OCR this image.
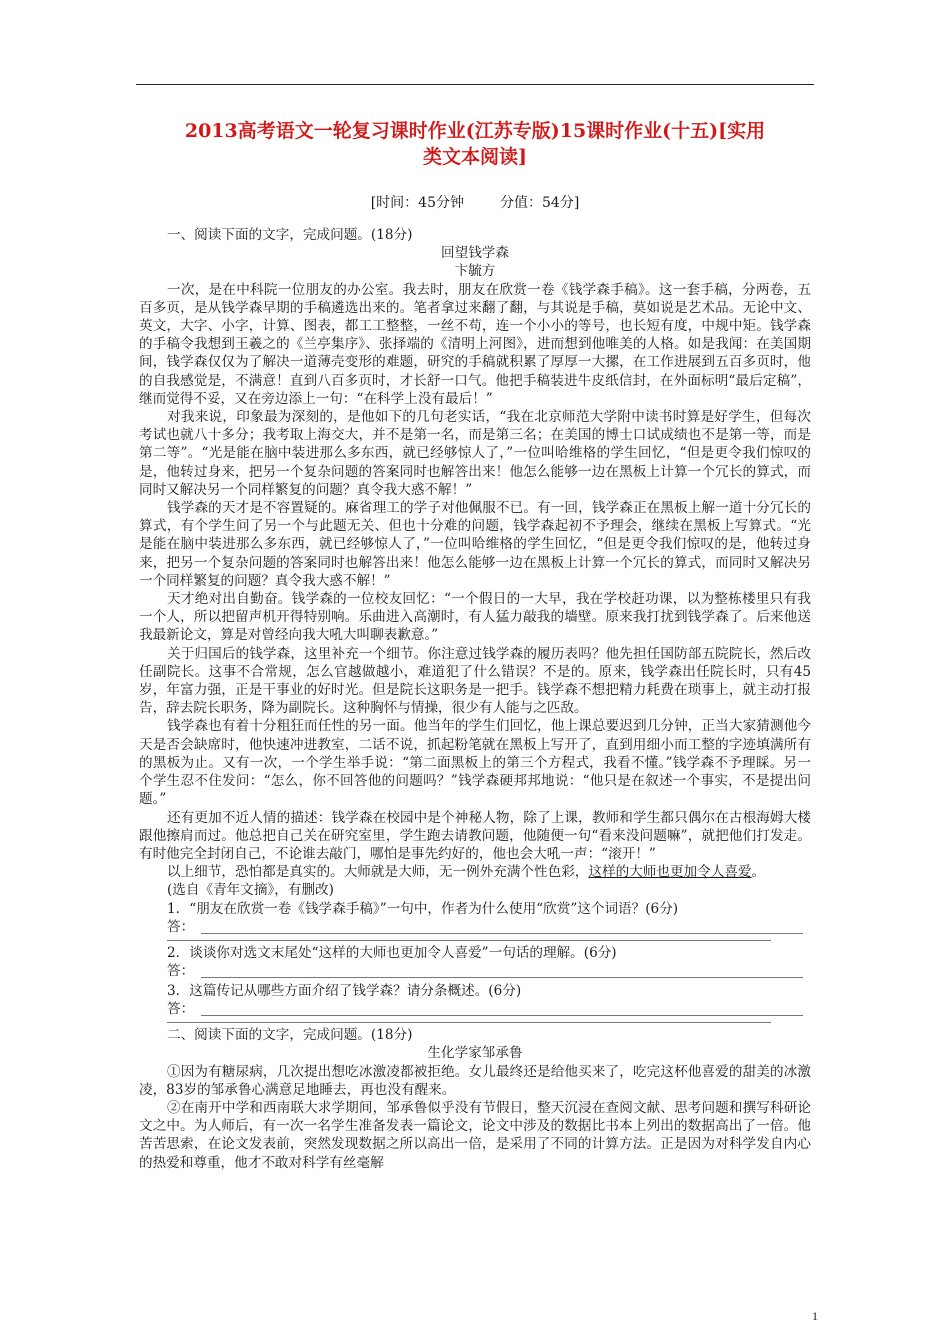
2013高考语文一轮复习课时作业(江苏专版)15课时作业(十五)[实用
类文本阅读]
[时间：45分钟	分值：54分]

一、阅读下面的文字，完成问题。(18分)

回望钱学森

卞毓方

一次，是在中科院一位朋友的办公室。我去时，朋友在欣赏一卷《钱学森手稿》。这一套手稿，分两卷，五百多页，是从钱学森早期的手稿遴选出来的。笔者拿过来翻了翻，与其说是手稿，莫如说是艺术品。无论中文、英文，大字、小字，计算、图表，都工工整整，一丝不苟，连一个小小的等号，也长短有度，中规中矩。钱学森的手稿令我想到王羲之的《兰亭集序》、张择端的《清明上河图》，进而想到他唯美的人格。如是我闻：在美国期间，钱学森仅仅为了解决一道薄壳变形的难题，研究的手稿就积累了厚厚一大摞，在工作进展到五百多页时，他的自我感觉是，不满意！直到八百多页时，才长舒一口气。他把手稿装进牛皮纸信封，在外面标明“最后定稿”，继而觉得不妥，又在旁边添上一句：“在科学上没有最后！”

对我来说，印象最为深刻的，是他如下的几句老实话，“我在北京师范大学附中读书时算是好学生，但每次考试也就八十多分；我考取上海交大，并不是第一名，而是第三名；在美国的博士口试成绩也不是第一等，而是第二等”。“光是能在脑中装进那么多东西，就已经够惊人了，”一位叫哈维格的学生回忆，“但是更令我们惊叹的是，他转过身来，把另一个复杂问题的答案同时也解答出来！他怎么能够一边在黑板上计算一个冗长的算式，而同时又解决另一个同样繁复的问题？真令我大惑不解！”

钱学森的天才是不容置疑的。麻省理工的学子对他佩服不已。有一回，钱学森正在黑板上解一道十分冗长的算式，有个学生问了另一个与此题无关、但也十分难的问题，钱学森起初不予理会，继续在黑板上写算式。“光是能在脑中装进那么多东西，就已经够惊人了，”一位叫哈维格的学生回忆，“但是更令我们惊叹的是，他转过身来，把另一个复杂问题的答案同时也解答出来！他怎么能够一边在黑板上计算一个冗长的算式，而同时又解决另一个同样繁复的问题？真令我大惑不解！”

天才绝对出自勤奋。钱学森的一位校友回忆：“一个假日的一大早，我在学校赶功课，以为整栋楼里只有我一个人，所以把留声机开得特别响。乐曲进入高潮时，有人猛力敲我的墙壁。原来我打扰到钱学森了。后来他送我最新论文，算是对曾经向我大吼大叫聊表歉意。”

关于归国后的钱学森，这里补充一个细节。你注意过钱学森的履历表吗？他先担任国防部五院院长，然后改任副院长。这事不合常规，怎么官越做越小，难道犯了什么错误？不是的。原来，钱学森出任院长时，只有45岁，年富力强，正是干事业的好时光。但是院长这职务是一把手。钱学森不想把精力耗费在琐事上，就主动打报告，辞去院长职务，降为副院长。这种胸怀与情操，很少有人能与之匹敌。

钱学森也有着十分粗狂而任性的另一面。他当年的学生们回忆，他上课总要迟到几分钟，正当大家猜测他今天是否会缺席时，他快速冲进教室，二话不说，抓起粉笔就在黑板上写开了，直到用细小而工整的字迹填满所有的黑板为止。又有一次，一个学生举手说：“第二面黑板上的第三个方程式，我看不懂。”钱学森不予理睬。另一个学生忍不住发问：“怎么，你不回答他的问题吗？”钱学森硬邦邦地说：“他只是在叙述一个事实，不是提出问题。”

还有更加不近人情的描述：钱学森在校园中是个神秘人物，除了上课，教师和学生都只偶尔在古根海姆大楼跟他擦肩而过。他总把自己关在研究室里，学生跑去请教问题，他随便一句“看来没问题嘛”，就把他们打发走。有时他完全封闭自己，不论谁去敲门，哪怕是事先约好的，他也会大吼一声：“滚开！”

以上细节，恐怕都是真实的。大师就是大师，无一例外充满个性色彩，这样的大师也更加令人喜爱。

(选自《青年文摘》，有删改)

1．“朋友在欣赏一卷《钱学森手稿》”一句中，作者为什么使用“欣赏”这个词语？(6分)

答：

2．谈谈你对选文末尾处“这样的大师也更加令人喜爱”一句话的理解。(6分)

答：

3．这篇传记从哪些方面介绍了钱学森？请分条概述。(6分)

答：

二、阅读下面的文字，完成问题。(18分)

生化学家邹承鲁

①因为有糖尿病，几次提出想吃冰激凌都被拒绝。女儿最终还是给他买来了，吃完这杯他喜爱的甜美的冰激凌，83岁的邹承鲁心满意足地睡去，再也没有醒来。

②在南开中学和西南联大求学期间，邹承鲁似乎没有节假日，整天沉浸在查阅文献、思考问题和撰写科研论文之中。为人师后，有一次一名学生准备发表一篇论文，论文中涉及的数据比书本上列出的数据高出了一倍。他苦苦思索，在论文发表前，突然发现数据之所以高出一倍，是采用了不同的计算方法。正是因为对科学发自内心的热爱和尊重，他才不敢对科学有丝毫解

1
